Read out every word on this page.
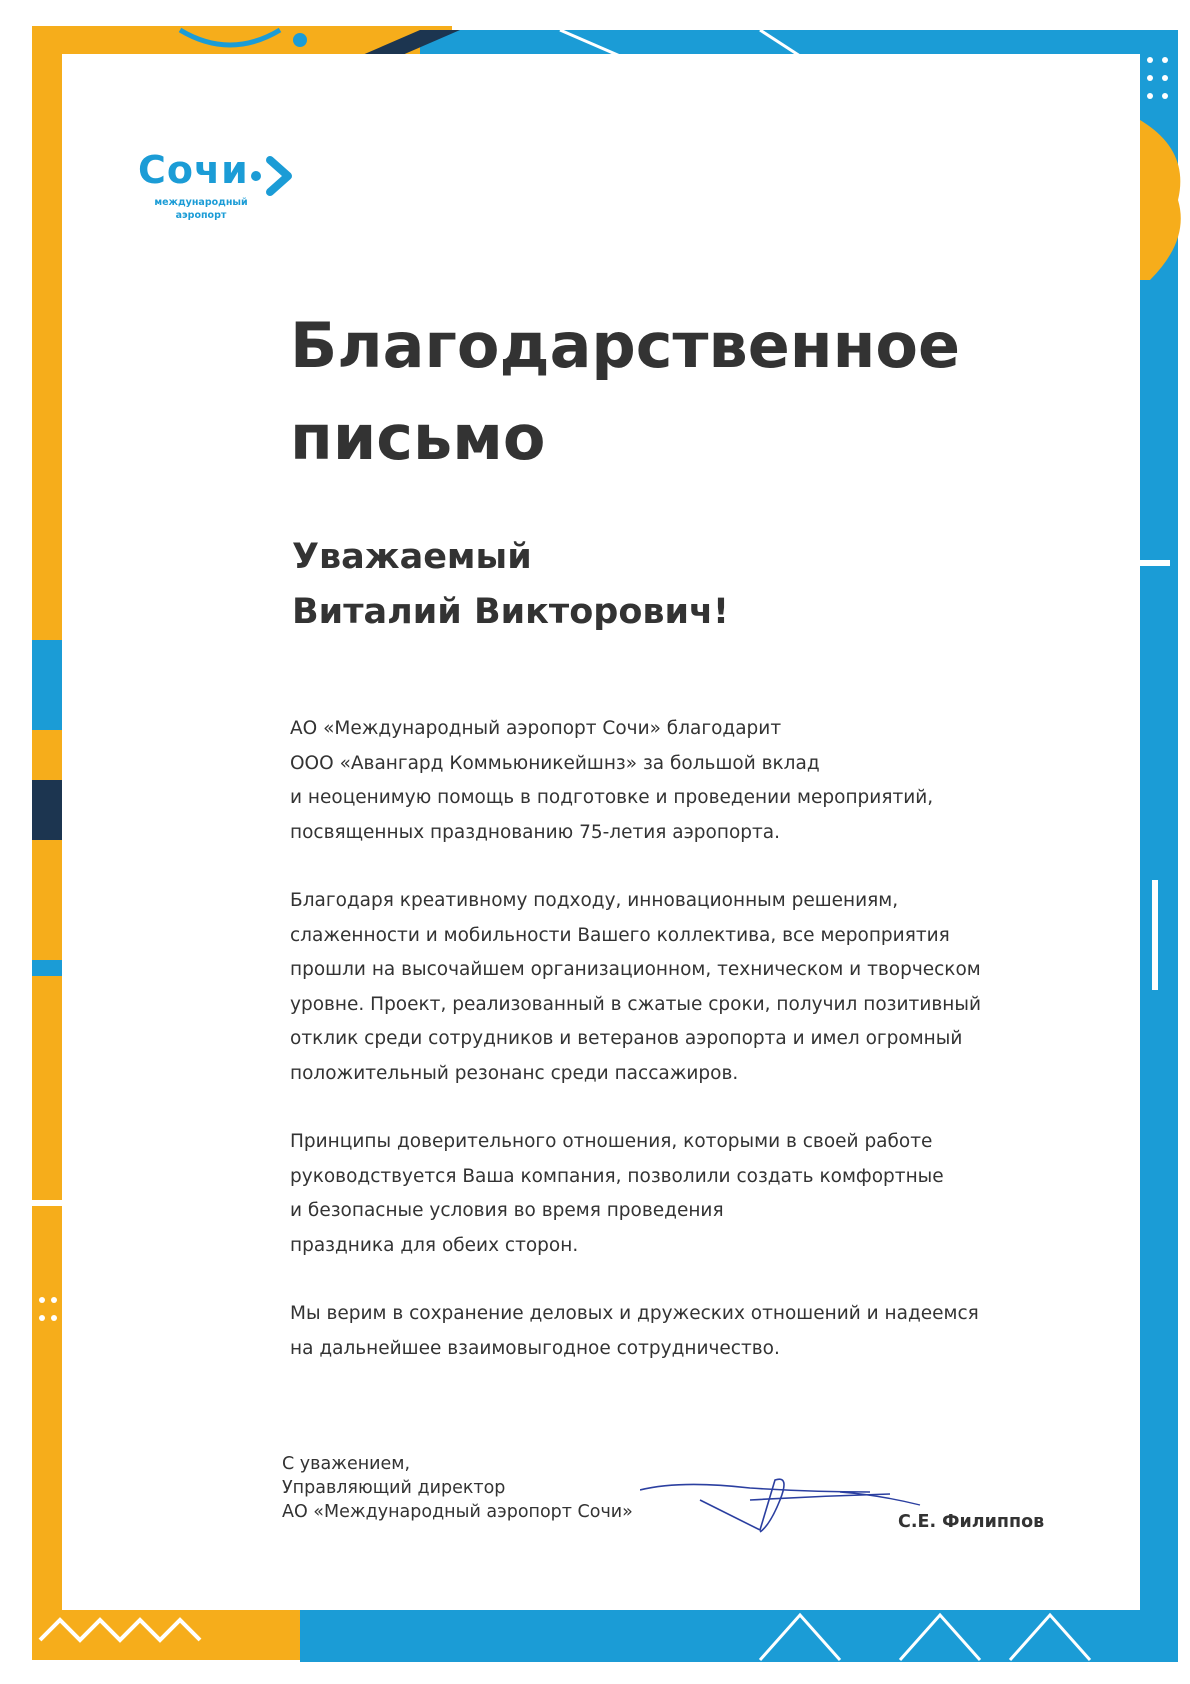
Сочи
международный
аэропорт
Благодарственное
письмо
Уважаемый
Виталий Викторович!

АО «Международный аэропорт Сочи» благодарит
ООО «Авангард Коммьюникейшнз» за большой вклад
и неоценимую помощь в подготовке и проведении мероприятий,
посвященных празднованию 75-летия аэропорта.

Благодаря креативному подходу, инновационным решениям,
слаженности и мобильности Вашего коллектива, все мероприятия
прошли на высочайшем организационном, техническом и творческом
уровне. Проект, реализованный в сжатые сроки, получил позитивный
отклик среди сотрудников и ветеранов аэропорта и имел огромный
положительный резонанс среди пассажиров.

Принципы доверительного отношения, которыми в своей работе
руководствуется Ваша компания, позволили создать комфортные
и безопасные условия во время проведения
праздника для обеих сторон.

Мы верим в сохранение деловых и дружеских отношений и надеемся
на дальнейшее взаимовыгодное сотрудничество.

С уважением,
Управляющий директор
АО «Международный аэропорт Сочи»	С.Е. Филиппов
